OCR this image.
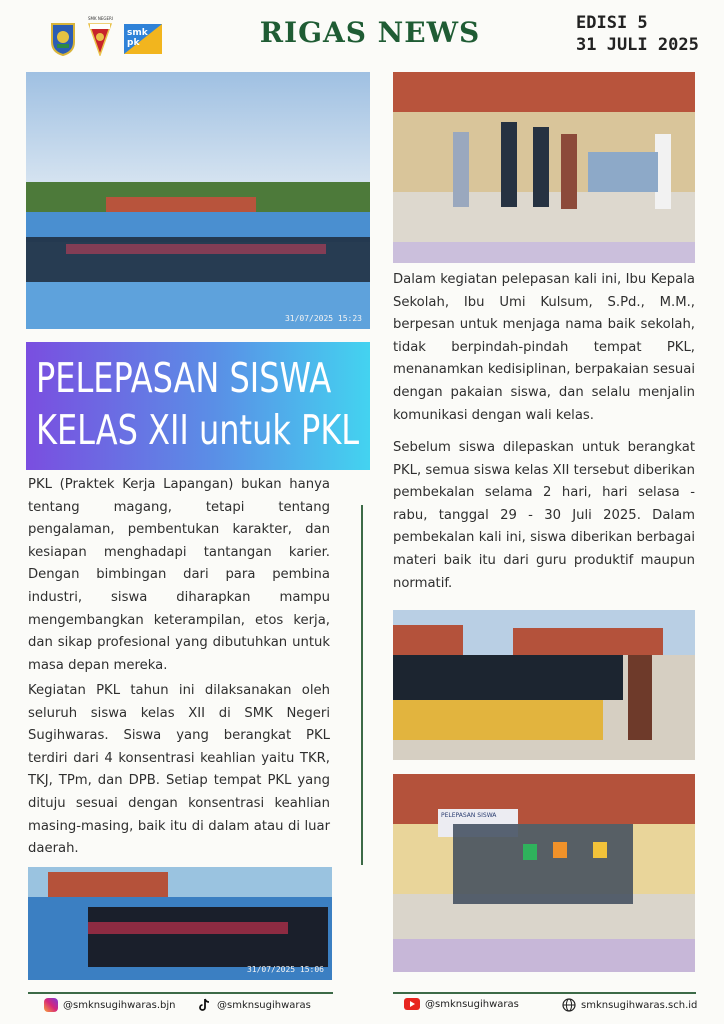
SMK NEGERI
smk pk	RIGAS NEWS	EDISI 5
31 JULI 2025
31/07/2025 15:23
PELEPASAN SISWA
KELAS XII untuk PKL

PKL (Praktek Kerja Lapangan) bukan hanya tentang magang, tetapi tentang pengalaman, pembentukan karakter, dan kesiapan menghadapi tantangan karier. Dengan bimbingan dari para pembina industri, siswa diharapkan mampu mengembangkan keterampilan, etos kerja, dan sikap profesional yang dibutuhkan untuk masa depan mereka.

Kegiatan PKL tahun ini dilaksanakan oleh seluruh siswa kelas XII di SMK Negeri Sugihwaras. Siswa yang berangkat PKL terdiri dari 4 konsentrasi keahlian yaitu TKR, TKJ, TPm, dan DPB. Setiap tempat PKL yang dituju sesuai dengan konsentrasi keahlian masing-masing, baik itu di dalam atau di luar daerah.

31/07/2025 15:06

Dalam kegiatan pelepasan kali ini, Ibu Kepala Sekolah, Ibu Umi Kulsum, S.Pd., M.M., berpesan untuk menjaga nama baik sekolah, tidak berpindah-pindah tempat PKL, menanamkan kedisiplinan, berpakaian sesuai dengan pakaian siswa, dan selalu menjalin komunikasi dengan wali kelas.

Sebelum siswa dilepaskan untuk berangkat PKL, semua siswa kelas XII tersebut diberikan pembekalan selama 2 hari, hari selasa - rabu, tanggal 29 - 30 Juli 2025. Dalam pembekalan kali ini, siswa diberikan berbagai materi baik itu dari guru produktif maupun normatif.

PELEPASAN SISWA
@smknsugihwaras.bjn	@smknsugihwaras	@smknsugihwaras	smknsugihwaras.sch.id
